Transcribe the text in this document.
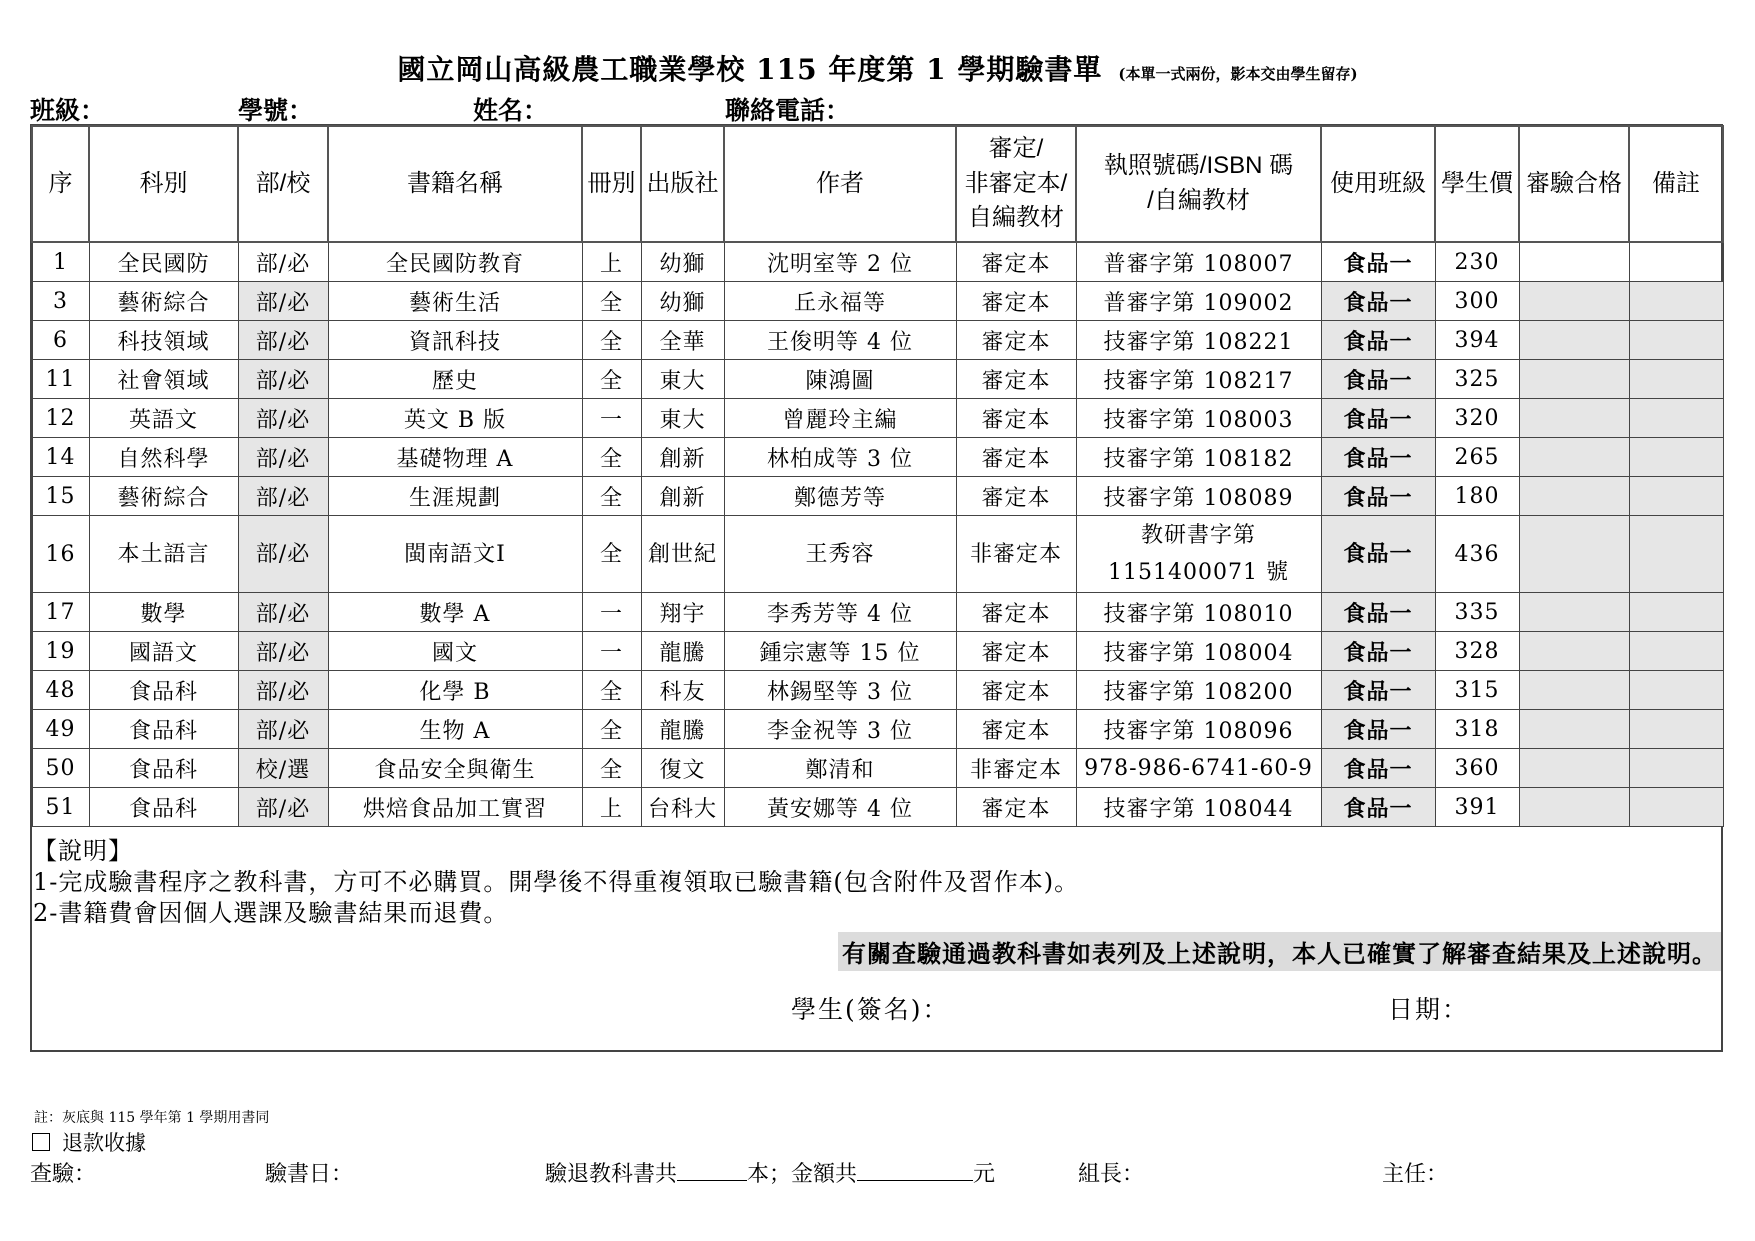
國立岡山高級農工職業學校 115 年度第 1 學期驗書單 (本單一式兩份，影本交由學生留存)
班級：	學號：	姓名：	聯絡電話：
序	科別	部/校	書籍名稱	冊別	出版社	作者	審定/
非審定本/
自編教材	執照號碼/ISBN 碼
/自編教材	使用班級	學生價	審驗合格	備註
1	全民國防	部/必	全民國防教育	上	幼獅	沈明室等 2 位	審定本	普審字第 108007	食品一	230		
3	藝術綜合	部/必	藝術生活	全	幼獅	丘永福等	審定本	普審字第 109002	食品一	300		
6	科技領域	部/必	資訊科技	全	全華	王俊明等 4 位	審定本	技審字第 108221	食品一	394		
11	社會領域	部/必	歷史	全	東大	陳鴻圖	審定本	技審字第 108217	食品一	325		
12	英語文	部/必	英文 B 版	一	東大	曾麗玲主編	審定本	技審字第 108003	食品一	320		
14	自然科學	部/必	基礎物理 A	全	創新	林柏成等 3 位	審定本	技審字第 108182	食品一	265		
15	藝術綜合	部/必	生涯規劃	全	創新	鄭德芳等	審定本	技審字第 108089	食品一	180		
16	本土語言	部/必	閩南語文Ⅰ	全	創世紀	王秀容	非審定本	教研書字第 1151400071 號	食品一	436		
17	數學	部/必	數學 A	一	翔宇	李秀芳等 4 位	審定本	技審字第 108010	食品一	335		
19	國語文	部/必	國文	一	龍騰	鍾宗憲等 15 位	審定本	技審字第 108004	食品一	328		
48	食品科	部/必	化學 B	全	科友	林錫堅等 3 位	審定本	技審字第 108200	食品一	315		
49	食品科	部/必	生物 A	全	龍騰	李金祝等 3 位	審定本	技審字第 108096	食品一	318		
50	食品科	校/選	食品安全與衛生	全	復文	鄭清和	非審定本	978-986-6741-60-9	食品一	360		
51	食品科	部/必	烘焙食品加工實習	上	台科大	黃安娜等 4 位	審定本	技審字第 108044	食品一	391		
【說明】
1-完成驗書程序之教科書，方可不必購買。開學後不得重複領取已驗書籍(包含附件及習作本)。
2-書籍費會因個人選課及驗書結果而退費。
有關查驗通過教科書如表列及上述說明，本人已確實了解審查結果及上述說明。
學生(簽名)：	日期：
註：灰底與 115 學年第 1 學期用書同
退款收據
查驗：	驗書日：	驗退教科書共	本；金額共	元	組長：	主任：
